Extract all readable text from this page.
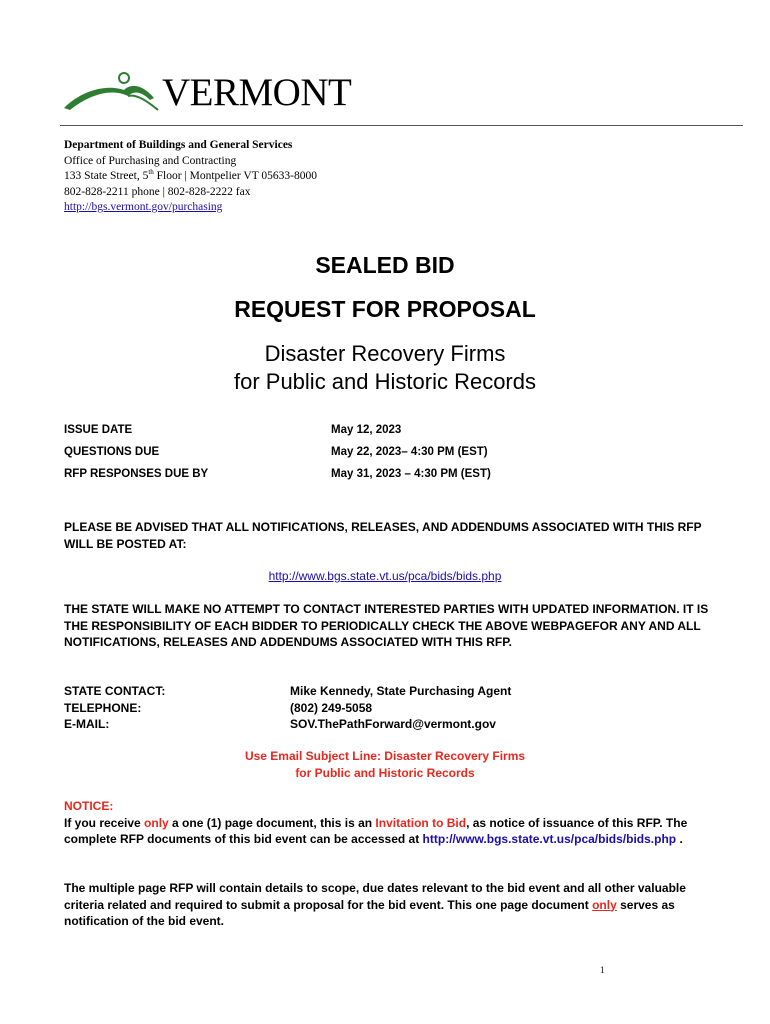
VERMONT
Department of Buildings and General Services
Office of Purchasing and Contracting
133 State Street, 5th Floor | Montpelier VT 05633-8000
802-828-2211 phone | 802-828-2222 fax
http://bgs.vermont.gov/purchasing
SEALED BID
REQUEST FOR PROPOSAL
Disaster Recovery Firms
for Public and Historic Records
ISSUE DATE	May 12, 2023
QUESTIONS DUE	May 22, 2023– 4:30 PM (EST)
RFP RESPONSES DUE BY	May 31, 2023 – 4:30 PM (EST)
PLEASE BE ADVISED THAT ALL NOTIFICATIONS, RELEASES, AND ADDENDUMS ASSOCIATED WITH THIS RFP WILL BE POSTED AT:
http://www.bgs.state.vt.us/pca/bids/bids.php
THE STATE WILL MAKE NO ATTEMPT TO CONTACT INTERESTED PARTIES WITH UPDATED INFORMATION. IT IS THE RESPONSIBILITY OF EACH BIDDER TO PERIODICALLY CHECK THE ABOVE WEBPAGEFOR ANY AND ALL NOTIFICATIONS, RELEASES AND ADDENDUMS ASSOCIATED WITH THIS RFP.
STATE CONTACT:	Mike Kennedy, State Purchasing Agent
TELEPHONE:	(802) 249-5058
E-MAIL:	SOV.ThePathForward@vermont.gov
Use Email Subject Line: Disaster Recovery Firms
for Public and Historic Records
NOTICE:
If you receive only a one (1) page document, this is an Invitation to Bid, as notice of issuance of this RFP. The complete RFP documents of this bid event can be accessed at http://www.bgs.state.vt.us/pca/bids/bids.php .
The multiple page RFP will contain details to scope, due dates relevant to the bid event and all other valuable criteria related and required to submit a proposal for the bid event. This one page document only serves as notification of the bid event.
1
